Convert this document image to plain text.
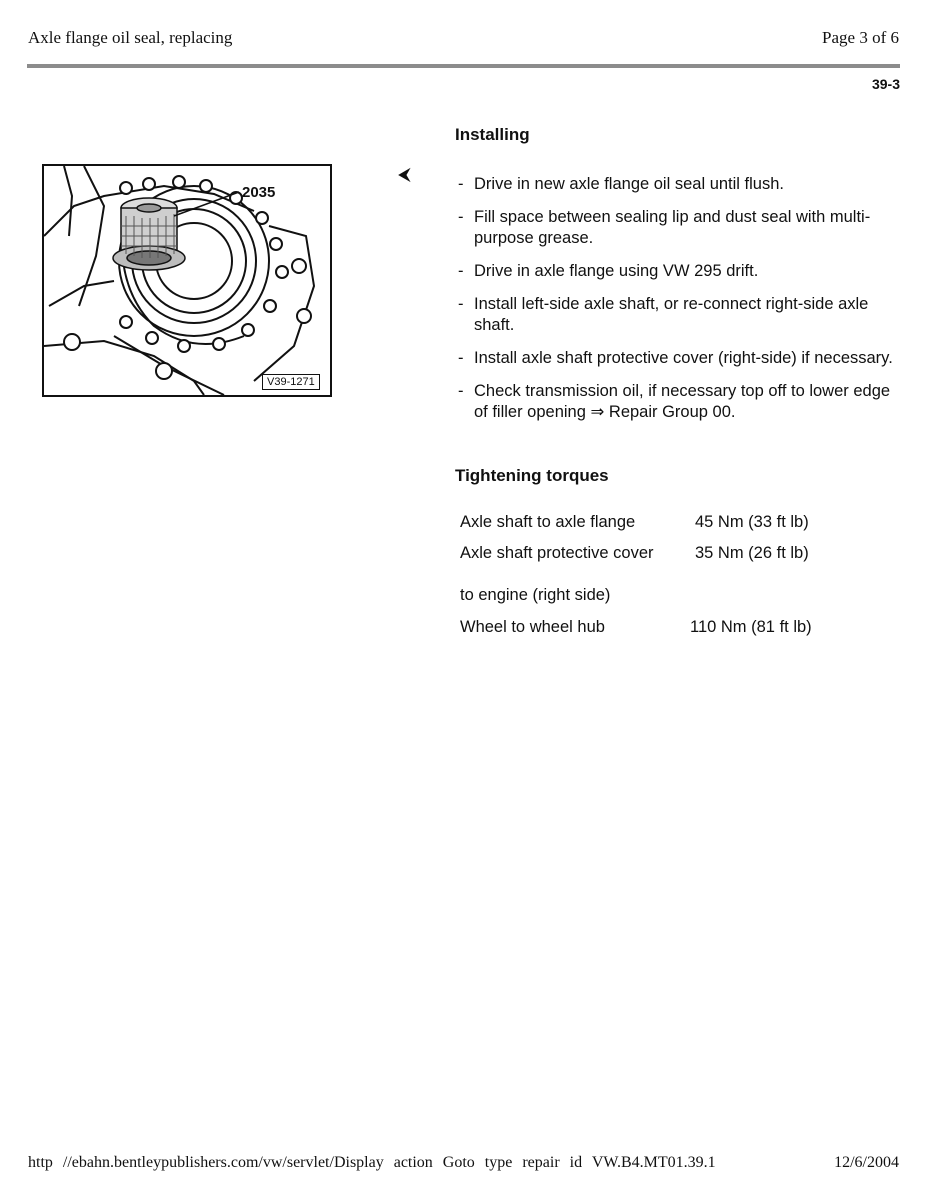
Axle flange oil seal, replacing	Page 3 of 6
39-3
2035
V39-1271
⮜
Installing
- Drive in new axle flange oil seal until flush.
- Fill space between sealing lip and dust seal with multi-purpose grease.
- Drive in axle flange using VW 295 drift.
- Install left-side axle shaft, or re-connect right-side axle shaft.
- Install axle shaft protective cover (right-side) if necessary.
- Check transmission oil, if necessary top off to lower edge of filler opening ⇒ Repair Group 00.
Tightening torques
Axle shaft to axle flange	45 Nm (33 ft lb)
Axle shaft protective cover	35 Nm (26 ft lb)
to engine (right side)
Wheel to wheel hub	110 Nm (81 ft lb)
http //ebahn.bentleypublishers.com/vw/servlet/Display action Goto type repair id VW.B4.MT01.39.1	12/6/2004
